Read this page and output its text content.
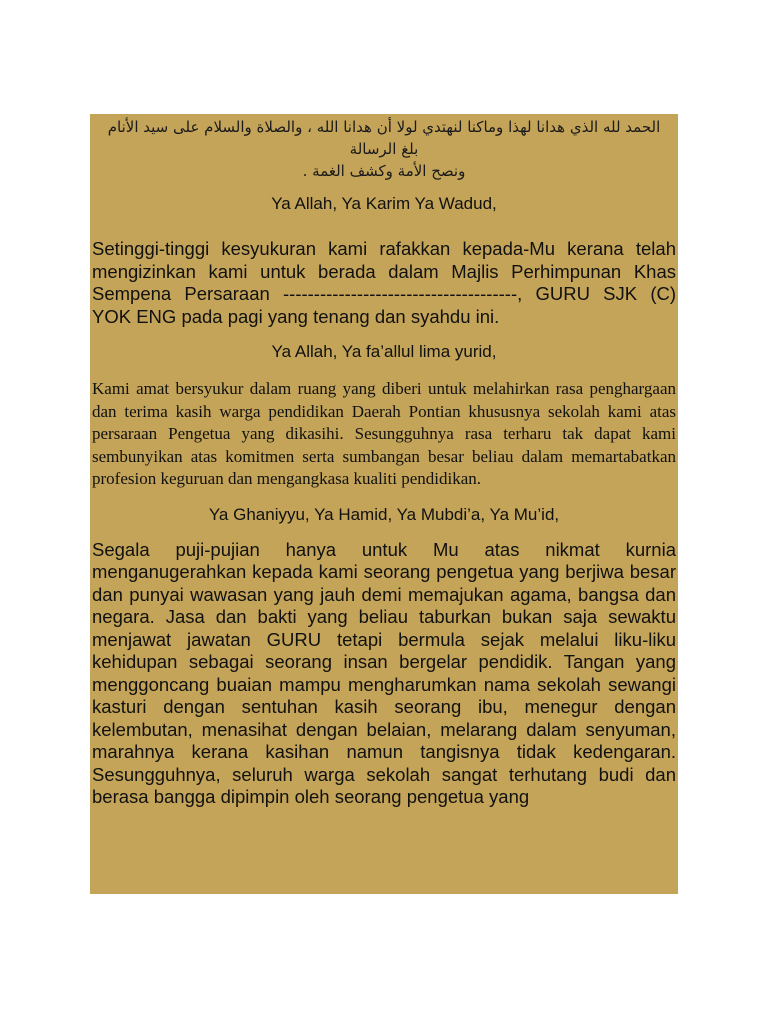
الحمد لله الذي هدانا لهذا وماكنا لنهتدي لولا أن هدانا الله ، والصلاة والسلام على سيد الأنام
بلغ الرسالة
ونصح الأمة وكشف الغمة .

Ya Allah, Ya Karim Ya Wadud,

Setinggi-tinggi kesyukuran kami rafakkan kepada-Mu kerana telah mengizinkan kami untuk berada dalam Majlis Perhimpunan Khas Sempena Persaraan --------------------------------------, GURU SJK (C) YOK ENG pada pagi yang tenang dan syahdu ini.

Ya Allah, Ya fa’allul lima yurid,

Kami amat bersyukur dalam ruang yang diberi untuk melahirkan rasa penghargaan dan terima kasih warga pendidikan Daerah Pontian khususnya sekolah kami atas persaraan Pengetua yang dikasihi. Sesungguhnya rasa terharu tak dapat kami sembunyikan atas komitmen serta sumbangan besar beliau dalam memartabatkan profesion keguruan dan mengangkasa kualiti pendidikan.

Ya Ghaniyyu, Ya Hamid, Ya Mubdi’a, Ya Mu’id,

Segala puji-pujian hanya untuk Mu atas nikmat kurnia menganugerahkan kepada kami seorang pengetua yang berjiwa besar dan punyai wawasan yang jauh demi memajukan agama, bangsa dan negara. Jasa dan bakti yang beliau taburkan bukan saja sewaktu menjawat jawatan GURU tetapi bermula sejak melalui liku-liku kehidupan sebagai seorang insan bergelar pendidik. Tangan yang menggoncang buaian mampu mengharumkan nama sekolah sewangi kasturi dengan sentuhan kasih seorang ibu, menegur dengan kelembutan, menasihat dengan belaian, melarang dalam senyuman, marahnya kerana kasihan namun tangisnya tidak kedengaran. Sesungguhnya, seluruh warga sekolah sangat terhutang budi dan berasa bangga dipimpin oleh seorang pengetua yang
